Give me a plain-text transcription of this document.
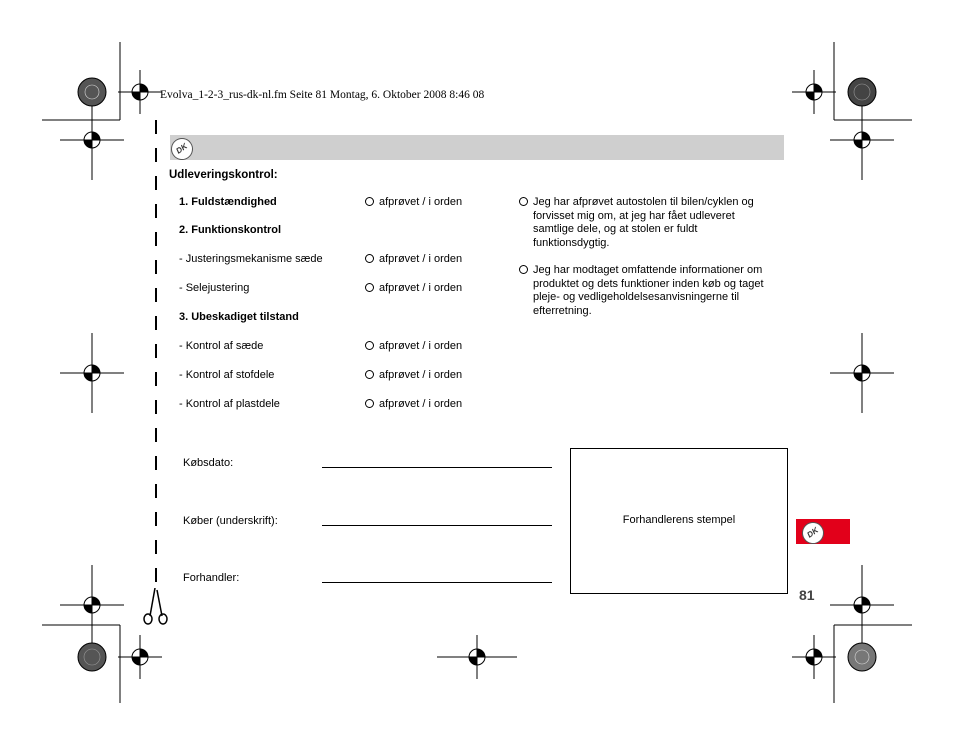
Evolva_1-2-3_rus-dk-nl.fm Seite 81 Montag, 6. Oktober 2008 8:46 08
DK
Udleveringskontrol:
1. Fuldstændighed	afprøvet / i orden
2. Funktionskontrol
- Justeringsmekanisme sæde	afprøvet / i orden
- Selejustering	afprøvet / i orden
3. Ubeskadiget tilstand
- Kontrol af sæde	afprøvet / i orden
- Kontrol af stofdele	afprøvet / i orden
- Kontrol af plastdele	afprøvet / i orden
Jeg har afprøvet autostolen til bilen/cyklen og
forvisset mig om, at jeg har fået udleveret samtlige dele, og at stolen er fuldt funktionsdygtig.
Jeg har modtaget omfattende informationer om
produktet og dets funktioner inden køb og taget pleje- og vedligeholdelsesanvisningerne til efterretning.
Købsdato:
Køber (underskrift):
Forhandler:
Forhandlerens stempel
DK
81
